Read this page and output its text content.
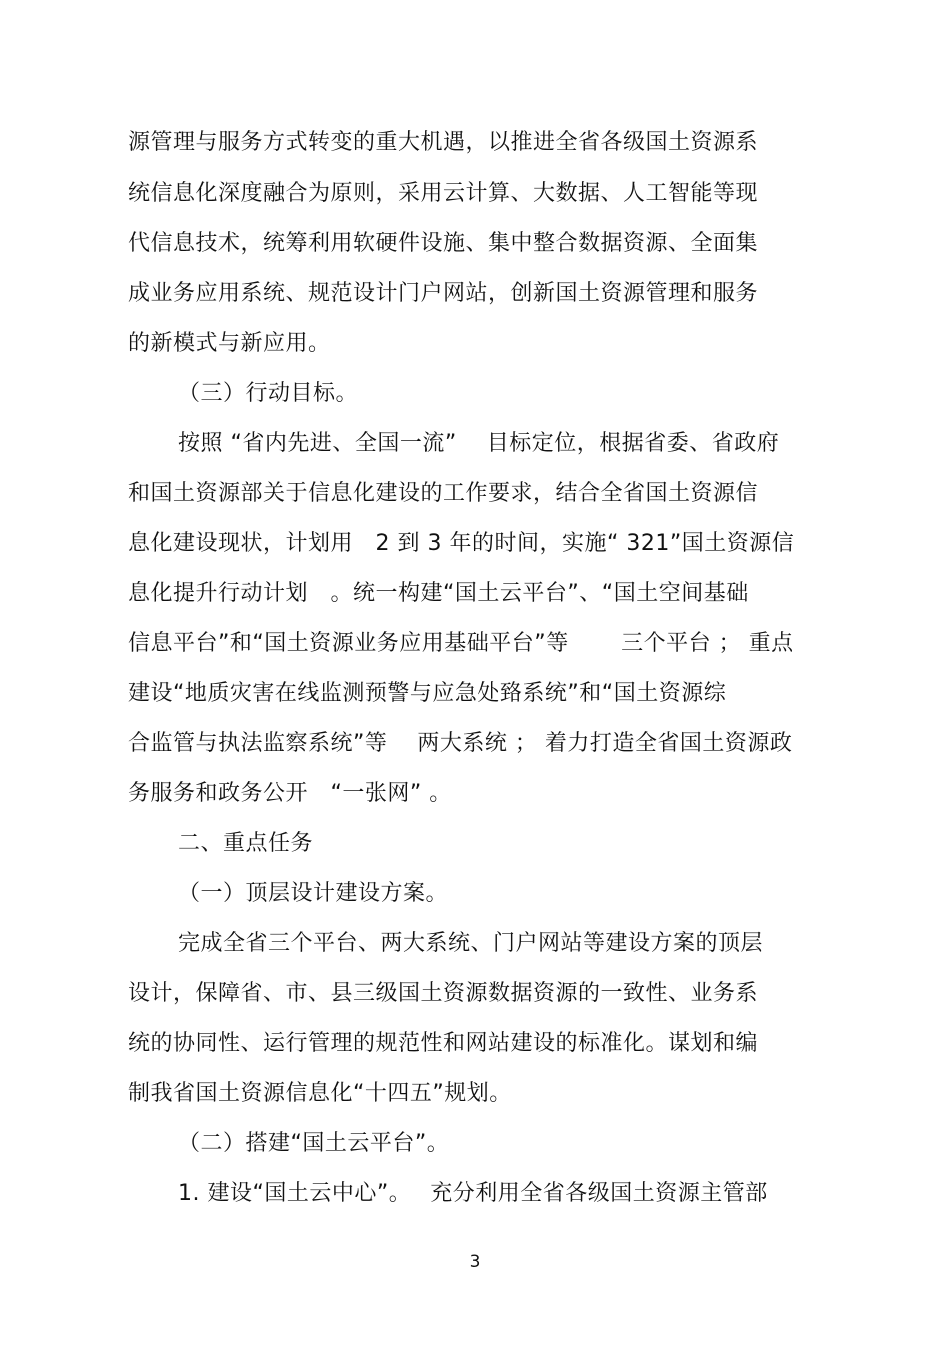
源管理与服务方式转变的重大机遇，以推进全省各级国土资源系
统信息化深度融合为原则，采用云计算、大数据、人工智能等现
代信息技术，统筹利用软硬件设施、集中整合数据资源、全面集
成业务应用系统、规范设计门户网站，创新国土资源管理和服务
的新模式与新应用。
（三）行动目标。
按照 “省内先进、全国一流”　 目标定位，根据省委、省政府
和国土资源部关于信息化建设的工作要求，结合全省国土资源信
息化建设现状，计划用　2 到 3 年的时间，实施“ 321”国土资源信
息化提升行动计划　。统一构建“国土云平台”、“国土空间基础
信息平台”和“国土资源业务应用基础平台”等　　 三个平台 ； 重点
建设“地质灾害在线监测预警与应急处臵系统”和“国土资源综
合监管与执法监察系统”等　 两大系统 ； 着力打造全省国土资源政
务服务和政务公开　“一张网” 。
二、重点任务
（一）顶层设计建设方案。
完成全省三个平台、两大系统、门户网站等建设方案的顶层
设计，保障省、市、县三级国土资源数据资源的一致性、业务系
统的协同性、运行管理的规范性和网站建设的标准化。谋划和编
制我省国土资源信息化“十四五”规划。
（二）搭建“国土云平台”。
1. 建设“国土云中心”。　 充分利用全省各级国土资源主管部
3
